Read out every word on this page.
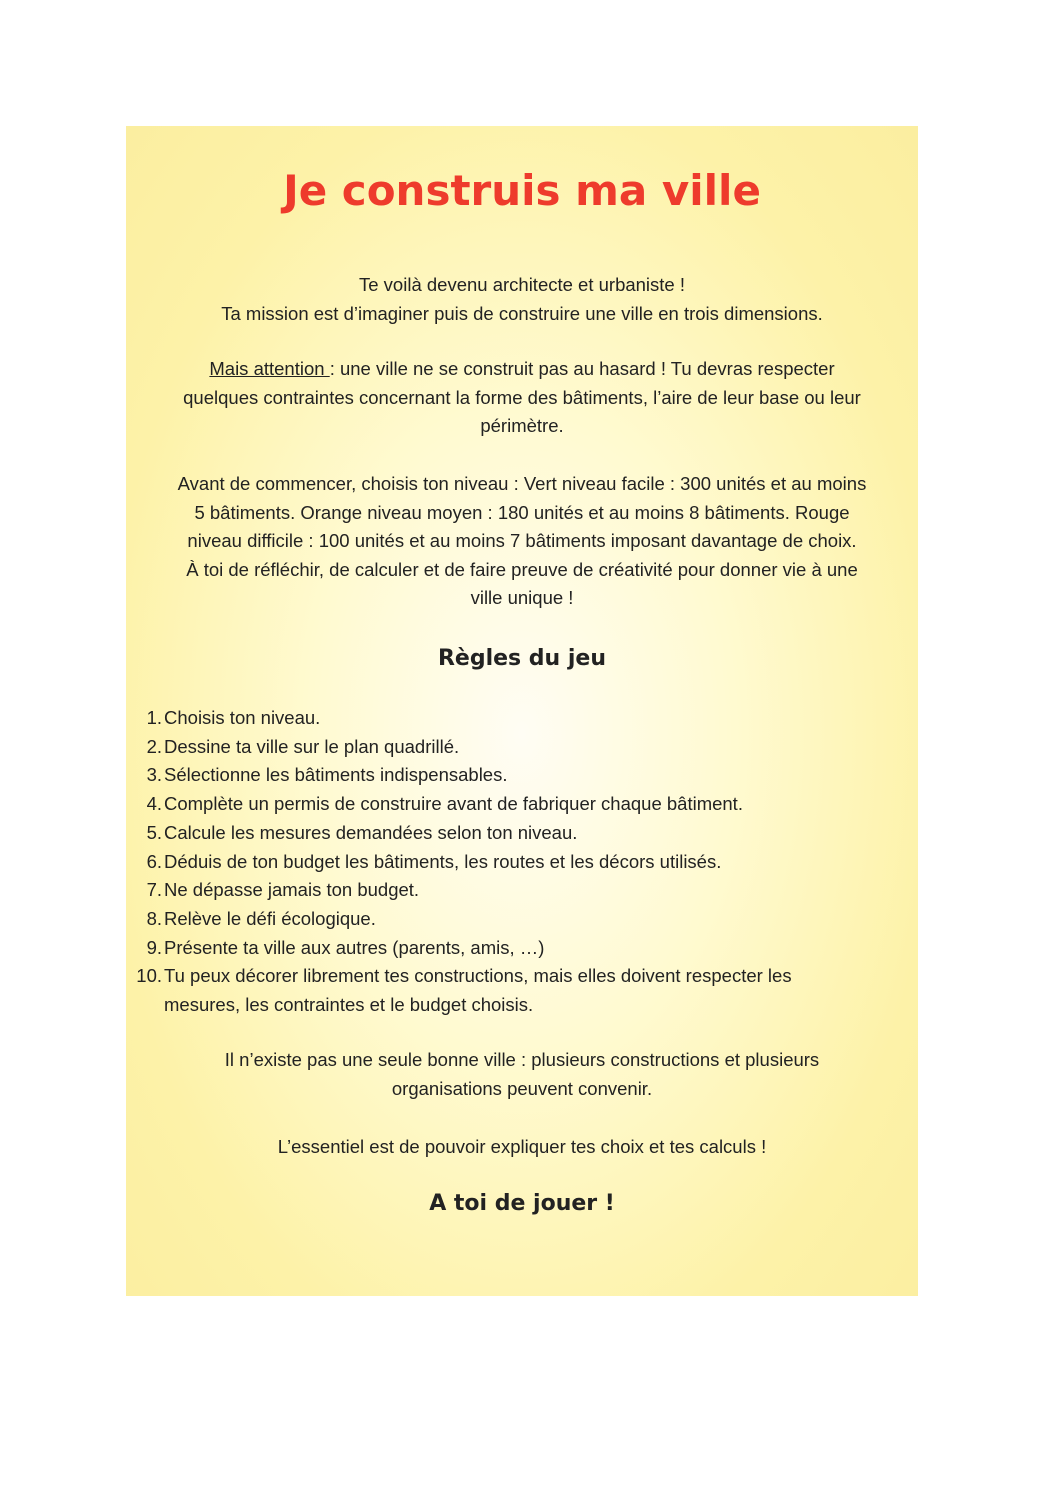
Je construis ma ville

Te voilà devenu architecte et urbaniste !
Ta mission est d’imaginer puis de construire une ville en trois dimensions.

Mais attention : une ville ne se construit pas au hasard ! Tu devras respecter
quelques contraintes concernant la forme des bâtiments, l’aire de leur base ou leur
périmètre.

Avant de commencer, choisis ton niveau : Vert niveau facile : 300 unités et au moins
5 bâtiments. Orange niveau moyen : 180 unités et au moins 8 bâtiments. Rouge
niveau difficile : 100 unités et au moins 7 bâtiments imposant davantage de choix.
À toi de réfléchir, de calculer et de faire preuve de créativité pour donner vie à une
ville unique !

Règles du jeu
1. Choisis ton niveau.
2. Dessine ta ville sur le plan quadrillé.
3. Sélectionne les bâtiments indispensables.
4. Complète un permis de construire avant de fabriquer chaque bâtiment.
5. Calcule les mesures demandées selon ton niveau.
6. Déduis de ton budget les bâtiments, les routes et les décors utilisés.
7. Ne dépasse jamais ton budget.
8. Relève le défi écologique.
9. Présente ta ville aux autres (parents, amis, …)
10. Tu peux décorer librement tes constructions, mais elles doivent respecter les
mesures, les contraintes et le budget choisis.

Il n’existe pas une seule bonne ville : plusieurs constructions et plusieurs
organisations peuvent convenir.

L’essentiel est de pouvoir expliquer tes choix et tes calculs !

A toi de jouer !
